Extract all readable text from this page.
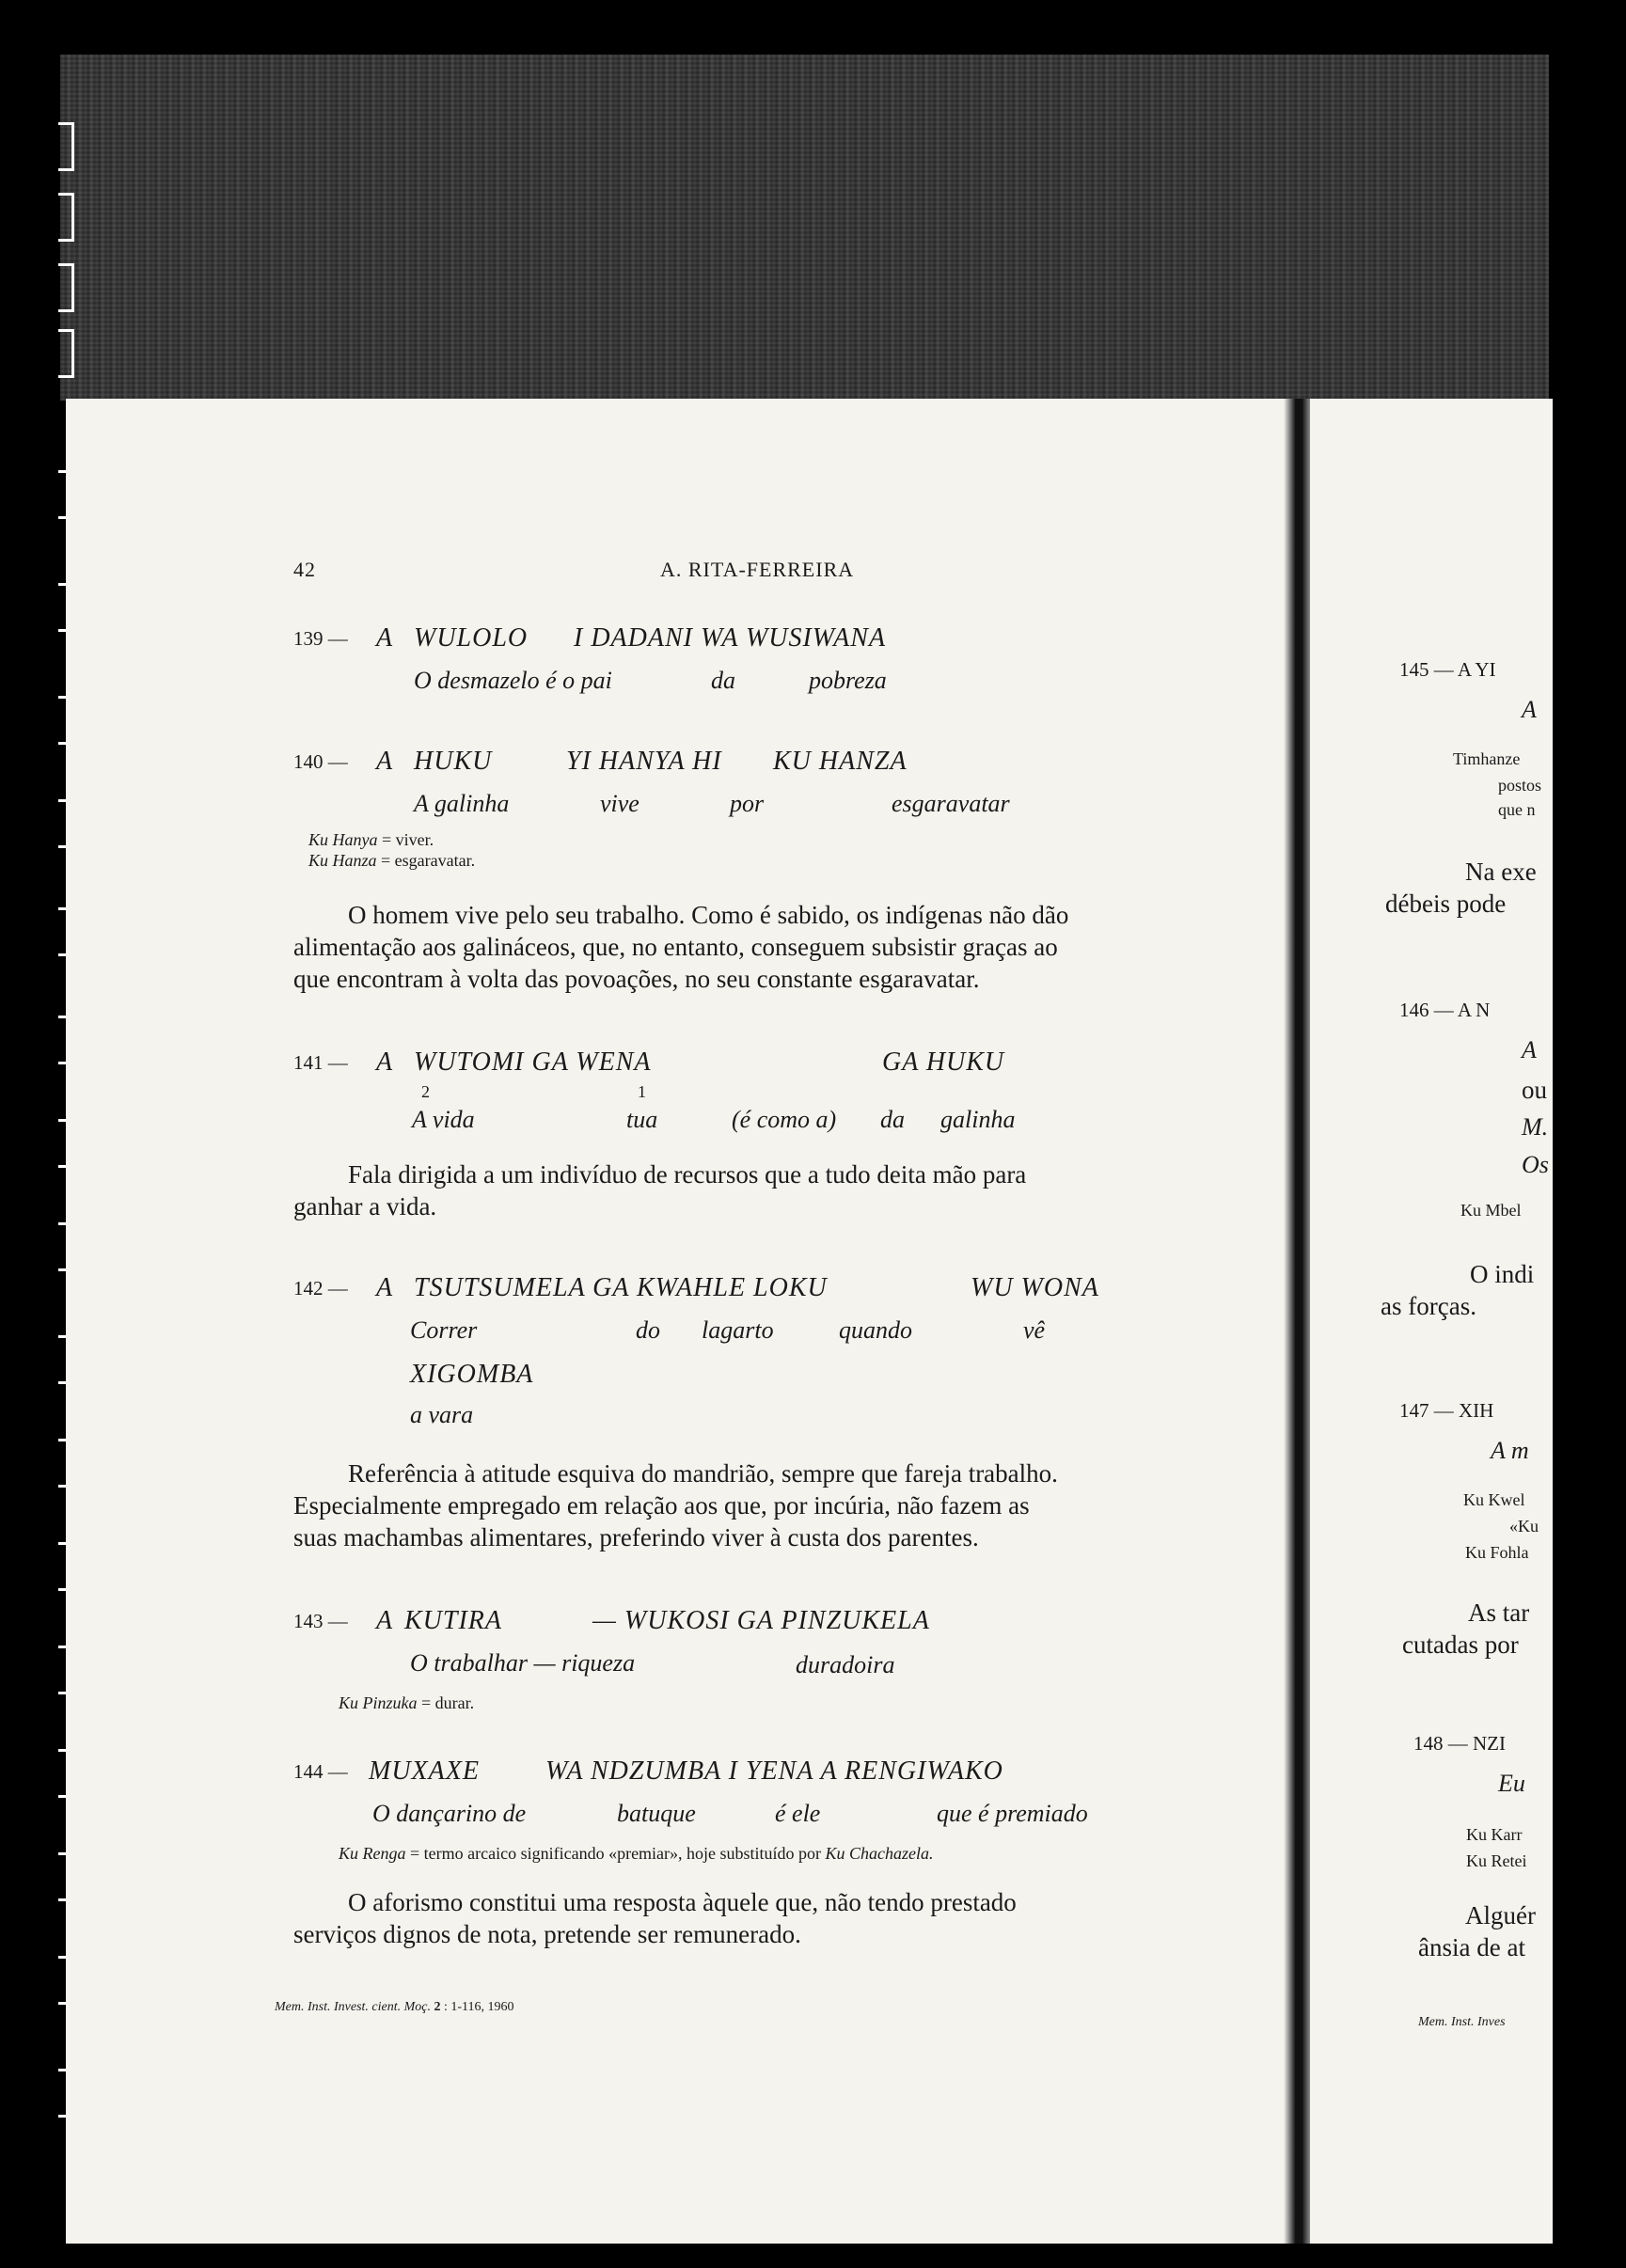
42	A. RITA-FERREIRA
139 — A WULOLO I DADANI WA WUSIWANA
O desmazelo é o pai	da	pobreza
140 — A HUKU	YI HANYA HI KU HANZA
A galinha	vive	por	esgaravatar
Ku Hanya = viver.
Ku Hanza = esgaravatar.
O homem vive pelo seu trabalho. Como é sabido, os indígenas não dão
alimentação aos galináceos, que, no entanto, conseguem subsistir graças ao
que encontram à volta das povoações, no seu constante esgaravatar.
141 — A WUTOMI GA WENA	GA HUKU
2	1
A vida	tua	(é como a) da galinha
Fala dirigida a um indivíduo de recursos que a tudo deita mão para
ganhar a vida.
142 — A TSUTSUMELA GA KWAHLE LOKU	WU WONA
Correr	do lagarto	quando	vê
XIGOMBA
a vara
Referência à atitude esquiva do mandrião, sempre que fareja trabalho.
Especialmente empregado em relação aos que, por incúria, não fazem as
suas machambas alimentares, preferindo viver à custa dos parentes.
143 — A KUTIRA	— WUKOSI GA PINZUKELA
O trabalhar — riqueza	duradoira
Ku Pinzuka = durar.
144 — MUXAXE	WA NDZUMBA I YENA A RENGIWAKO
O dançarino de	batuque	é ele	que é premiado
Ku Renga = termo arcaico significando «premiar», hoje substituído por Ku Chachazela.
O aforismo constitui uma resposta àquele que, não tendo prestado
serviços dignos de nota, pretende ser remunerado.
Mem. Inst. Invest. cient. Moç. 2 : 1-116, 1960
145 — A YI
A
Timhanze
postos
que n
Na exe
débeis pode
146 — A N
A
ou
M.
Os
Ku Mbel
O indi
as forças.
147 — XIH
A m
Ku Kwel
«Ku
Ku Fohla
As tar
cutadas por
148 — NZI
Eu
Ku Karr
Ku Retei
Alguér
ânsia de at
Mem. Inst. Inves
